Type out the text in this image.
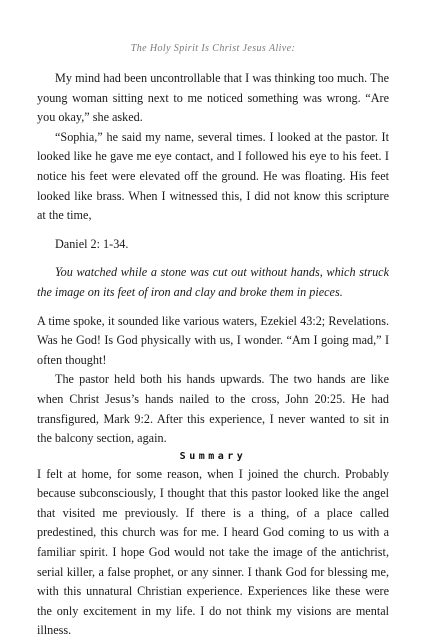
The Holy Spirit Is Christ Jesus Alive:

My mind had been uncontrollable that I was thinking too much. The young woman sitting next to me noticed something was wrong. “Are you okay,” she asked.

“Sophia,” he said my name, several times. I looked at the pastor. It looked like he gave me eye contact, and I followed his eye to his feet. I notice his feet were elevated off the ground. He was floating. His feet looked like brass. When I witnessed this, I did not know this scripture at the time,

Daniel 2: 1-34.

You watched while a stone was cut out without hands, which struck the image on its feet of iron and clay and broke them in pieces.

A time spoke, it sounded like various waters, Ezekiel 43:2; Revelations. Was he God! Is God physically with us, I wonder. “Am I going mad,” I often thought!

The pastor held both his hands upwards. The two hands are like when Christ Jesus’s hands nailed to the cross, John 20:25. He had transfigured, Mark 9:2. After this experience, I never wanted to sit in the balcony section, again.

Summary

I felt at home, for some reason, when I joined the church. Probably because subconsciously, I thought that this pastor looked like the angel that visited me previously. If there is a thing, of a place called predestined, this church was for me. I heard God coming to us with a familiar spirit. I hope God would not take the image of the antichrist, serial killer, a false prophet, or any sinner. I thank God for blessing me, with this unnatural Christian experience. Experiences like these were the only excitement in my life. I do not think my visions are mental illness.
